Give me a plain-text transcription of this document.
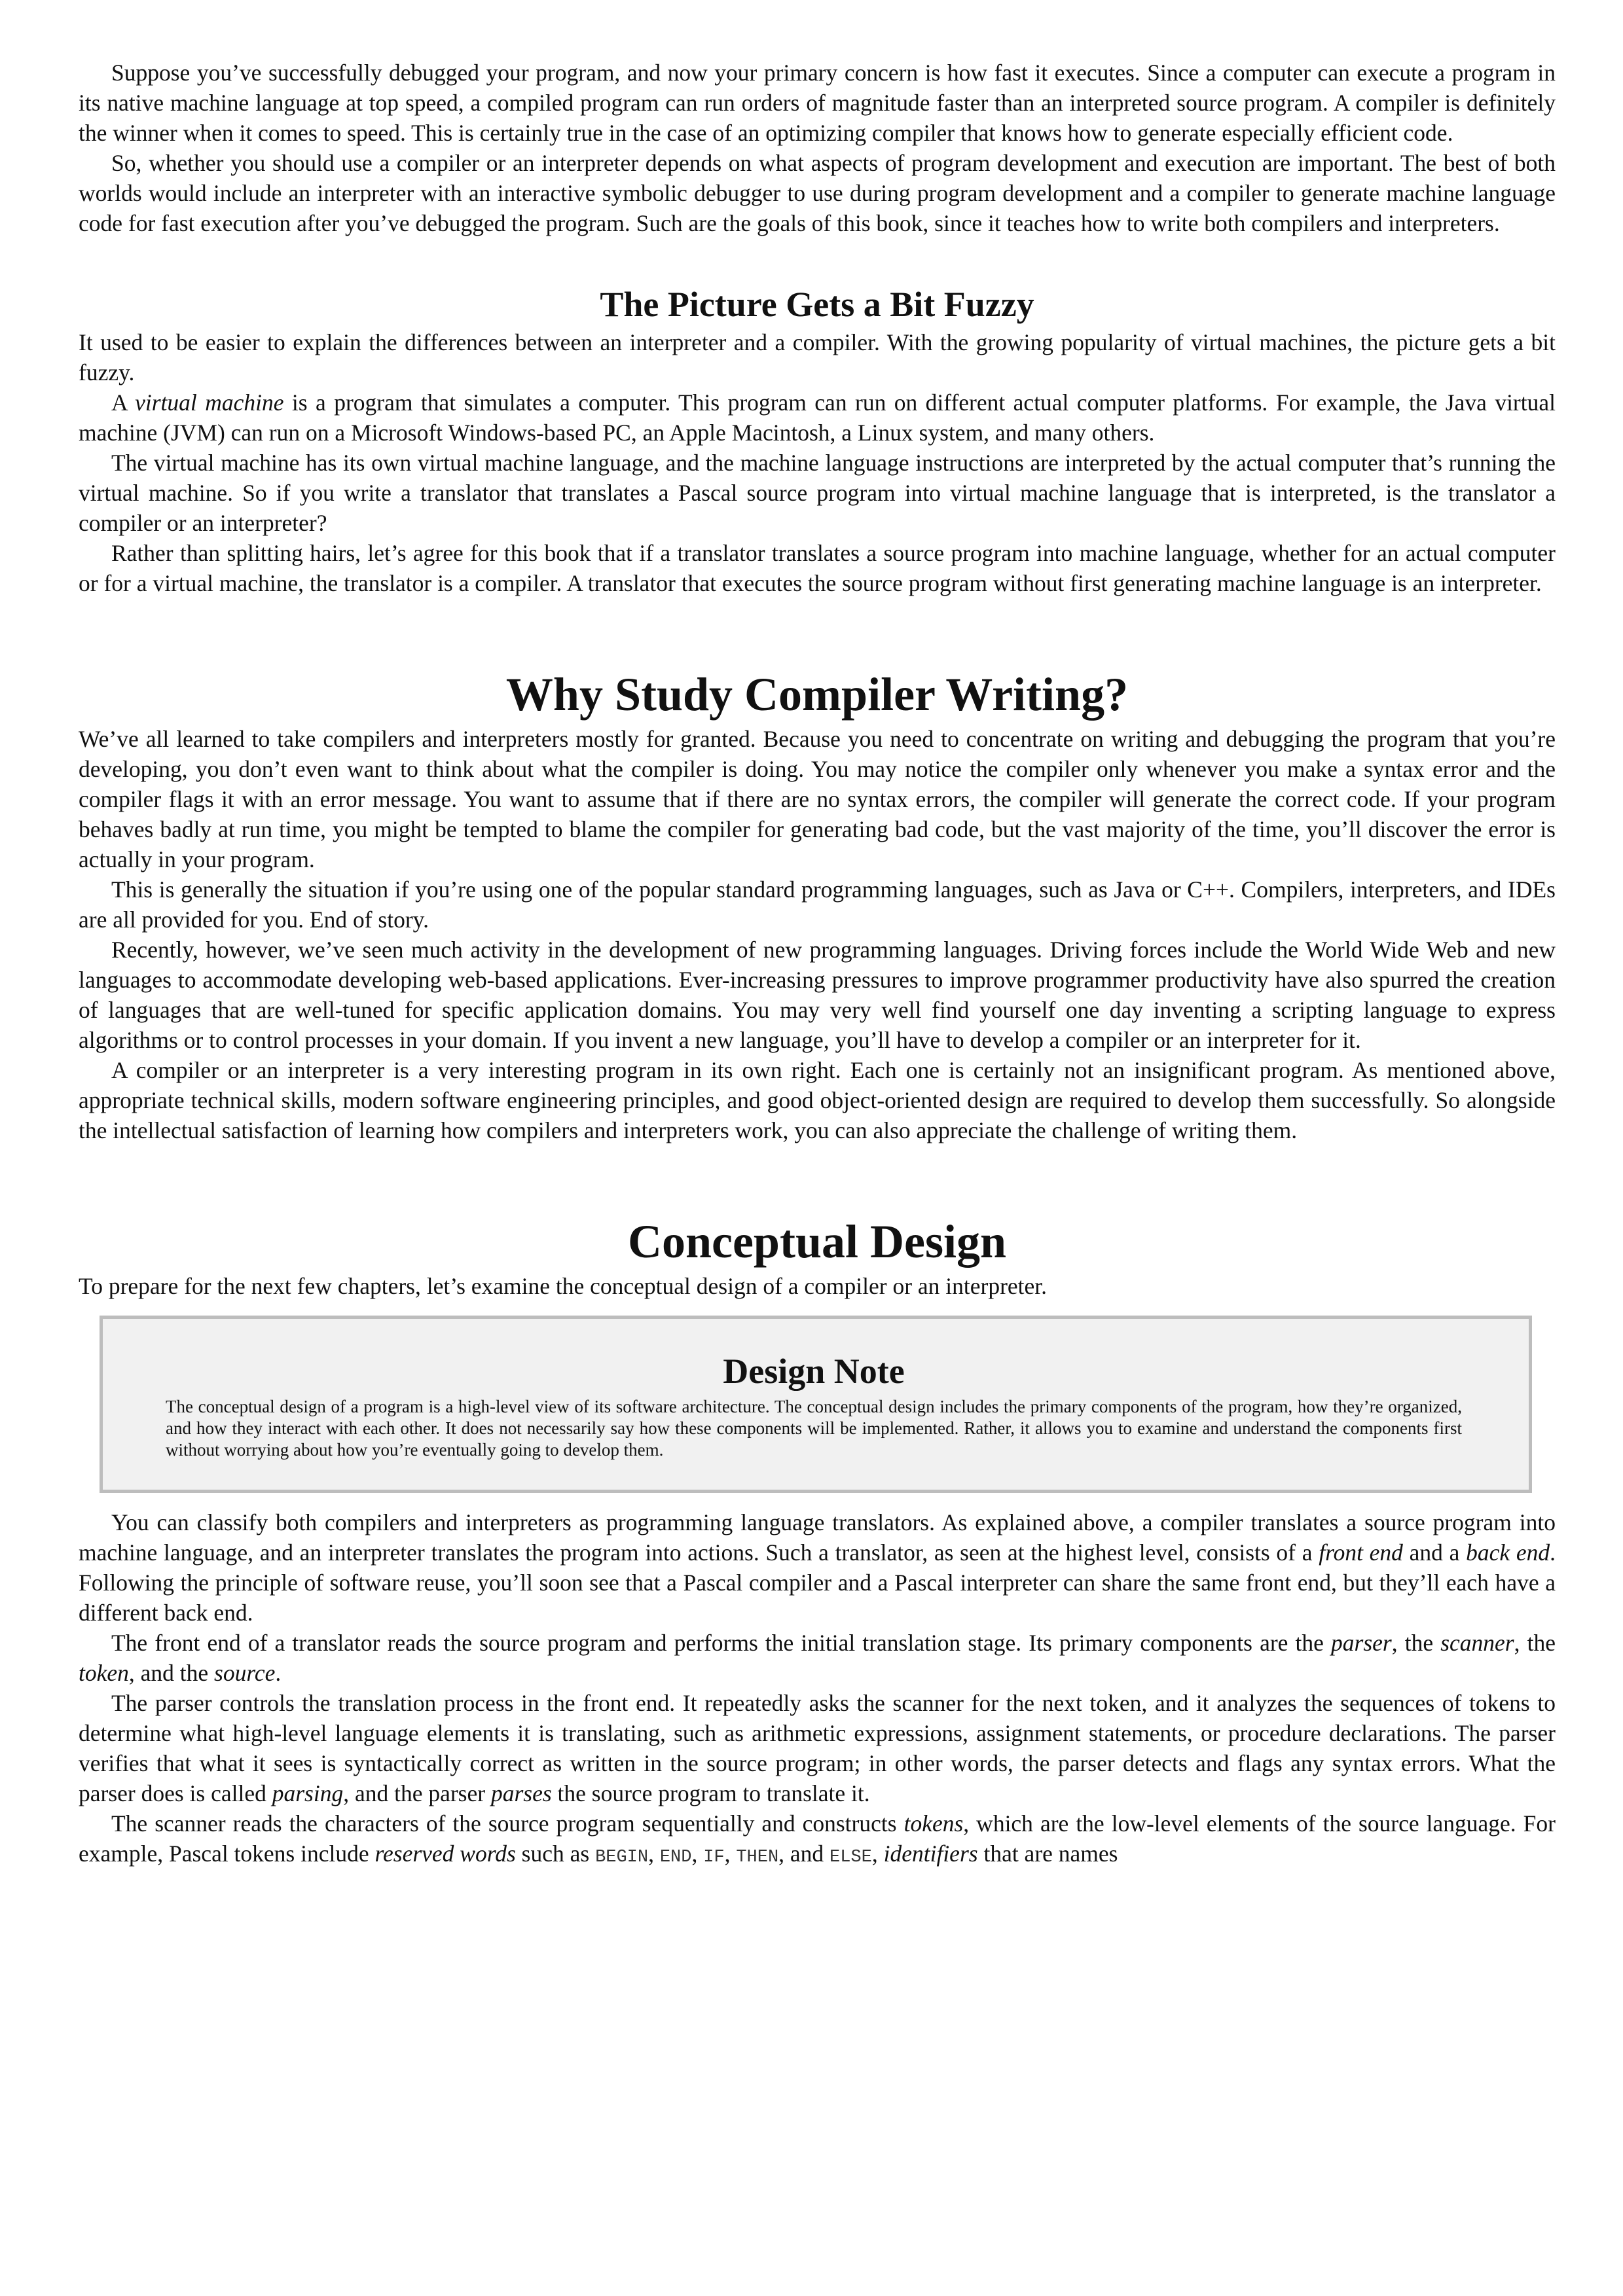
Suppose you’ve successfully debugged your program, and now your primary concern is how fast it executes. Since a computer can execute a program in its native machine language at top speed, a compiled program can run orders of magnitude faster than an interpreted source program. A compiler is definitely the winner when it comes to speed. This is certainly true in the case of an optimizing compiler that knows how to generate especially efficient code.

So, whether you should use a compiler or an interpreter depends on what aspects of program development and execution are important. The best of both worlds would include an interpreter with an interactive symbolic debugger to use during program development and a compiler to generate machine language code for fast execution after you’ve debugged the program. Such are the goals of this book, since it teaches how to write both compilers and interpreters.

The Picture Gets a Bit Fuzzy

It used to be easier to explain the differences between an interpreter and a compiler. With the growing popularity of virtual machines, the picture gets a bit fuzzy.

A virtual machine is a program that simulates a computer. This program can run on different actual computer platforms. For example, the Java virtual machine (JVM) can run on a Microsoft Windows-based PC, an Apple Macintosh, a Linux system, and many others.

The virtual machine has its own virtual machine language, and the machine language instructions are interpreted by the actual computer that’s running the virtual machine. So if you write a translator that translates a Pascal source program into virtual machine language that is interpreted, is the translator a compiler or an interpreter?

Rather than splitting hairs, let’s agree for this book that if a translator translates a source program into machine language, whether for an actual computer or for a virtual machine, the translator is a compiler. A translator that executes the source program without first generating machine language is an interpreter.

Why Study Compiler Writing?

We’ve all learned to take compilers and interpreters mostly for granted. Because you need to concentrate on writing and debugging the program that you’re developing, you don’t even want to think about what the compiler is doing. You may notice the compiler only whenever you make a syntax error and the compiler flags it with an error message. You want to assume that if there are no syntax errors, the compiler will generate the correct code. If your program behaves badly at run time, you might be tempted to blame the compiler for generating bad code, but the vast majority of the time, you’ll discover the error is actually in your program.

This is generally the situation if you’re using one of the popular standard programming languages, such as Java or C++. Compilers, interpreters, and IDEs are all provided for you. End of story.

Recently, however, we’ve seen much activity in the development of new programming languages. Driving forces include the World Wide Web and new languages to accommodate developing web-based applications. Ever-increasing pressures to improve programmer productivity have also spurred the creation of languages that are well-tuned for specific application domains. You may very well find yourself one day inventing a scripting language to express algorithms or to control processes in your domain. If you invent a new language, you’ll have to develop a compiler or an interpreter for it.

A compiler or an interpreter is a very interesting program in its own right. Each one is certainly not an insignificant program. As mentioned above, appropriate technical skills, modern software engineering principles, and good object-oriented design are required to develop them successfully. So alongside the intellectual satisfaction of learning how compilers and interpreters work, you can also appreciate the challenge of writing them.

Conceptual Design

To prepare for the next few chapters, let’s examine the conceptual design of a compiler or an interpreter.

Design Note
The conceptual design of a program is a high-level view of its software architecture. The conceptual design includes the primary components of the program, how they’re organized, and how they interact with each other. It does not necessarily say how these components will be implemented. Rather, it allows you to examine and understand the components first without worrying about how you’re eventually going to develop them.

You can classify both compilers and interpreters as programming language translators. As explained above, a compiler translates a source program into machine language, and an interpreter translates the program into actions. Such a translator, as seen at the highest level, consists of a front end and a back end. Following the principle of software reuse, you’ll soon see that a Pascal compiler and a Pascal interpreter can share the same front end, but they’ll each have a different back end.

The front end of a translator reads the source program and performs the initial translation stage. Its primary components are the parser, the scanner, the token, and the source.

The parser controls the translation process in the front end. It repeatedly asks the scanner for the next token, and it analyzes the sequences of tokens to determine what high-level language elements it is translating, such as arithmetic expressions, assignment statements, or procedure declarations. The parser verifies that what it sees is syntactically correct as written in the source program; in other words, the parser detects and flags any syntax errors. What the parser does is called parsing, and the parser parses the source program to translate it.

The scanner reads the characters of the source program sequentially and constructs tokens, which are the low-level elements of the source language. For example, Pascal tokens include reserved words such as BEGIN, END, IF, THEN, and ELSE, identifiers that are names
